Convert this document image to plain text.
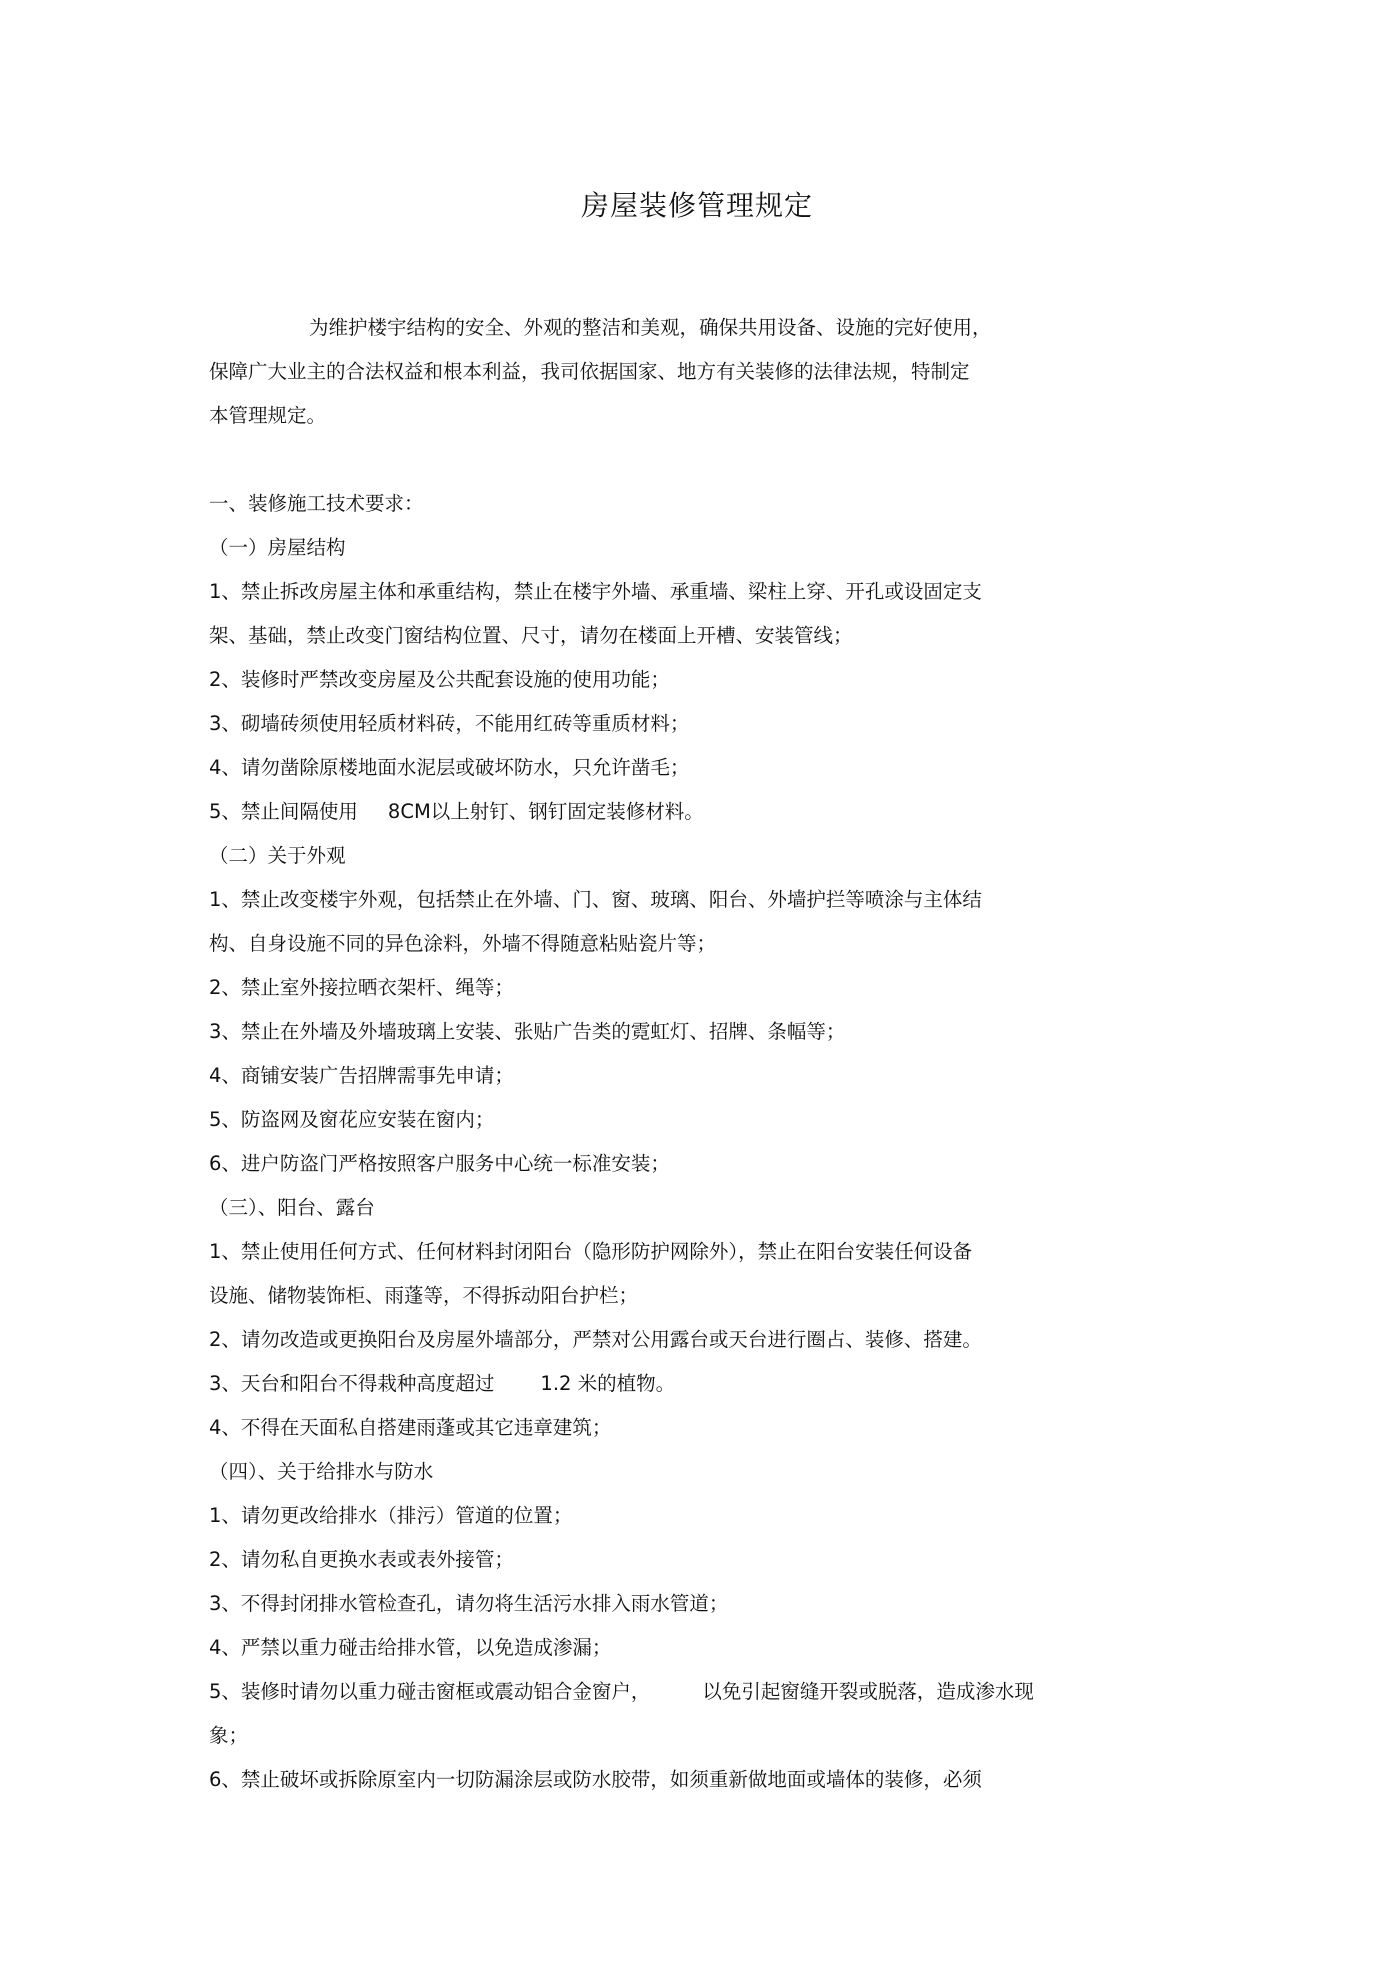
房屋装修管理规定

为维护楼宇结构的安全、外观的整洁和美观，确保共用设备、设施的完好使用，

保障广大业主的合法权益和根本利益，我司依据国家、地方有关装修的法律法规，特制定

本管理规定。

一、装修施工技术要求：

（一）房屋结构

1、禁止拆改房屋主体和承重结构，禁止在楼宇外墙、承重墙、梁柱上穿、开孔或设固定支

架、基础，禁止改变门窗结构位置、尺寸，请勿在楼面上开槽、安装管线；

2、装修时严禁改变房屋及公共配套设施的使用功能；

3、砌墙砖须使用轻质材料砖，不能用红砖等重质材料；

4、请勿凿除原楼地面水泥层或破坏防水，只允许凿毛；

5、禁止间隔使用 8CM以上射钉、钢钉固定装修材料。

（二）关于外观

1、禁止改变楼宇外观，包括禁止在外墙、门、窗、玻璃、阳台、外墙护拦等喷涂与主体结

构、自身设施不同的异色涂料，外墙不得随意粘贴瓷片等；

2、禁止室外接拉晒衣架杆、绳等；

3、禁止在外墙及外墙玻璃上安装、张贴广告类的霓虹灯、招牌、条幅等；

4、商铺安装广告招牌需事先申请；

5、防盗网及窗花应安装在窗内；

6、进户防盗门严格按照客户服务中心统一标准安装；

（三）、阳台、露台

1、禁止使用任何方式、任何材料封闭阳台（隐形防护网除外），禁止在阳台安装任何设备

设施、储物装饰柜、雨蓬等，不得拆动阳台护栏；

2、请勿改造或更换阳台及房屋外墙部分，严禁对公用露台或天台进行圈占、装修、搭建。

3、天台和阳台不得栽种高度超过 1.2 米的植物。

4、不得在天面私自搭建雨蓬或其它违章建筑；

（四）、关于给排水与防水

1、请勿更改给排水（排污）管道的位置；

2、请勿私自更换水表或表外接管；

3、不得封闭排水管检查孔，请勿将生活污水排入雨水管道；

4、严禁以重力碰击给排水管，以免造成渗漏；

5、装修时请勿以重力碰击窗框或震动铝合金窗户，	以免引起窗缝开裂或脱落，造成渗水现

象；

6、禁止破坏或拆除原室内一切防漏涂层或防水胶带，如须重新做地面或墙体的装修，必须
